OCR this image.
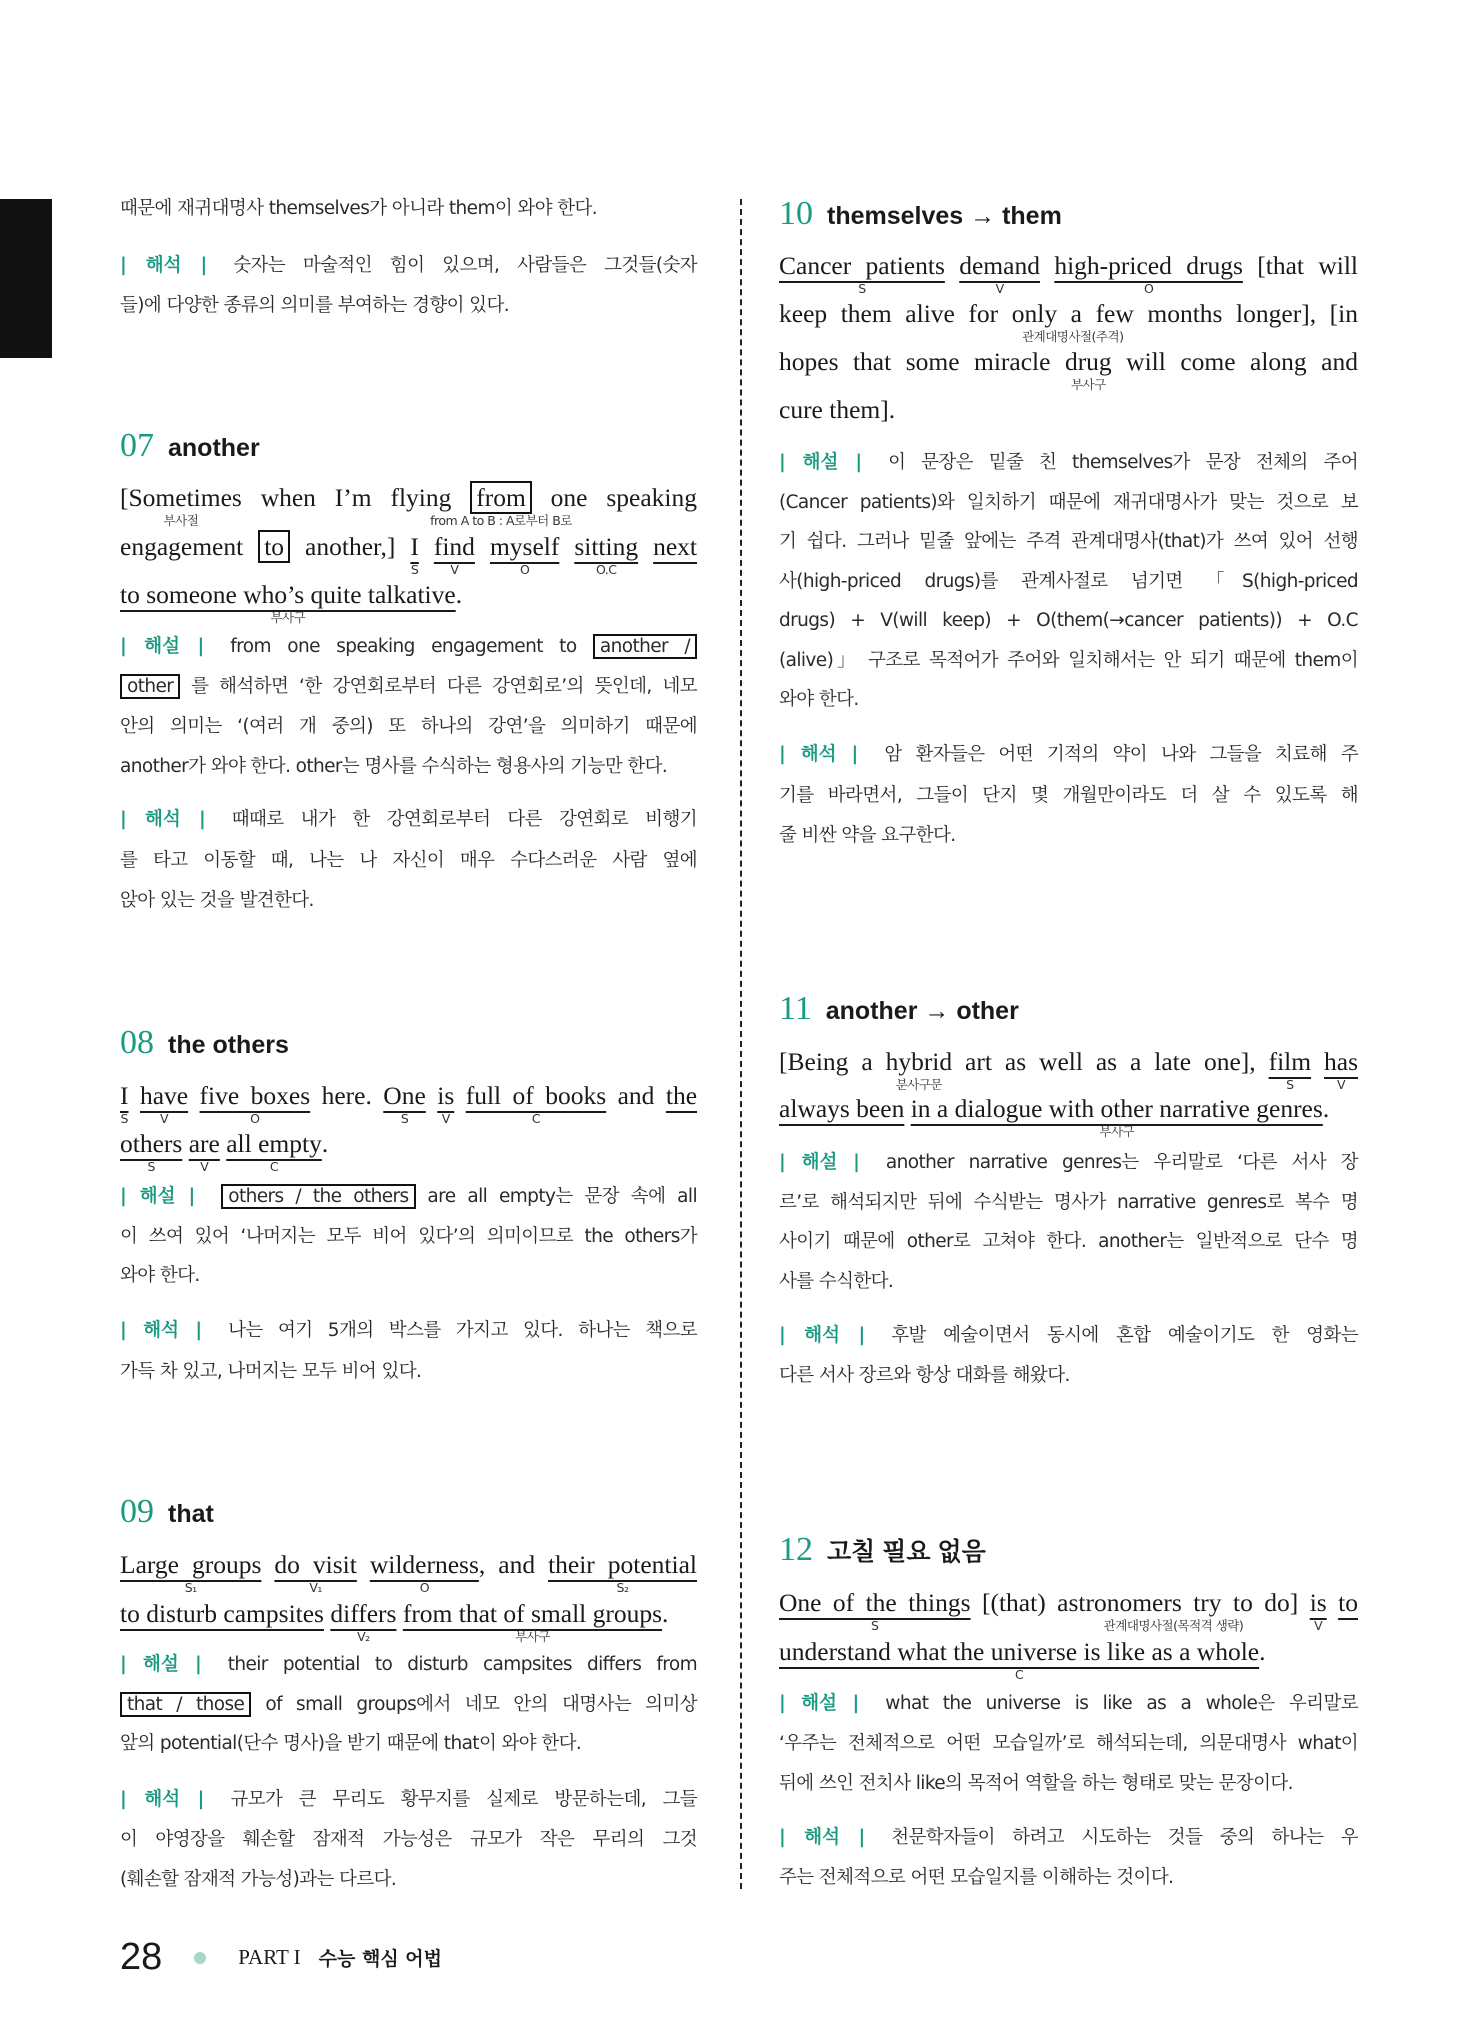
때문에 재귀대명사 themselves가 아니라 them이 와야 한다.
| 해석 | 숫자는 마술적인 힘이 있으며, 사람들은 그것들(숫자
들)에 다양한 종류의 의미를 부여하는 경향이 있다.
07 another
[Sometimes
부사절
when I’m flying from
from A to B : A로부터 B로
one speaking
engagement to another,] I
S
find
V
myself
O
sitting
O.C
next
to someone who’s quite talkative
부사구
.
| 해설 | from one speaking engagement to another /
other 를 해석하면 ‘한 강연회로부터 다른 강연회로’의 뜻인데, 네모
안의 의미는 ‘(여러 개 중의) 또 하나의 강연’을 의미하기 때문에
another가 와야 한다. other는 명사를 수식하는 형용사의 기능만 한다.
| 해석 | 때때로 내가 한 강연회로부터 다른 강연회로 비행기
를 타고 이동할 때, 나는 나 자신이 매우 수다스러운 사람 옆에
앉아 있는 것을 발견한다.
08 the others
I
S
have
V
five boxes
O
here. One
S
is
V
full of books
C
and the
others
S
are
V
all empty
C
.
| 해설 | others / the others are all empty는 문장 속에 all
이 쓰여 있어 ‘나머지는 모두 비어 있다’의 의미이므로 the others가
와야 한다.
| 해석 | 나는 여기 5개의 박스를 가지고 있다. 하나는 책으로
가득 차 있고, 나머지는 모두 비어 있다.
09 that
Large groups
S₁
do visit
V₁
wilderness
O
, and their potential
S₂
to disturb campsites differs
V₂
from that of small groups
부사구
.
| 해설 | their potential to disturb campsites differs from
that / those of small groups에서 네모 안의 대명사는 의미상
앞의 potential(단수 명사)을 받기 때문에 that이 와야 한다.
| 해석 | 규모가 큰 무리도 황무지를 실제로 방문하는데, 그들
이 야영장을 훼손할 잠재적 가능성은 규모가 작은 무리의 그것
(훼손할 잠재적 가능성)과는 다르다.
10 themselves → them
Cancer patients
S
demand
V
high-priced drugs
O
[that will
keep them alive for only a few
관계대명사절(주격)
months longer], [in
hopes that some miracle drug
부사구
will come along and
cure them].
| 해설 | 이 문장은 밑줄 친 themselves가 문장 전체의 주어
(Cancer patients)와 일치하기 때문에 재귀대명사가 맞는 것으로 보
기 쉽다. 그러나 밑줄 앞에는 주격 관계대명사(that)가 쓰여 있어 선행
사(high-priced drugs)를 관계사절로 넘기면 「S(high-priced
drugs) + V(will keep) + O(them(→cancer patients)) + O.C
(alive)」 구조로 목적어가 주어와 일치해서는 안 되기 때문에 them이
와야 한다.
| 해석 | 암 환자들은 어떤 기적의 약이 나와 그들을 치료해 주
기를 바라면서, 그들이 단지 몇 개월만이라도 더 살 수 있도록 해
줄 비싼 약을 요구한다.
11 another → other
[Being a hybrid
분사구문
art as well as a late one], film
S
has
V
always been in a dialogue with other narrative genres
부사구
.
| 해설 | another narrative genres는 우리말로 ‘다른 서사 장
르’로 해석되지만 뒤에 수식받는 명사가 narrative genres로 복수 명
사이기 때문에 other로 고쳐야 한다. another는 일반적으로 단수 명
사를 수식한다.
| 해석 | 후발 예술이면서 동시에 혼합 예술이기도 한 영화는
다른 서사 장르와 항상 대화를 해왔다.
12 고칠 필요 없음
One of the things
S
[(that) astronomers try to do
관계대명사절(목적격 생략)
] is
V
to
understand what the universe is like as a whole
C
.
| 해설 | what the universe is like as a whole은 우리말로
‘우주는 전체적으로 어떤 모습일까’로 해석되는데, 의문대명사 what이
뒤에 쓰인 전치사 like의 목적어 역할을 하는 형태로 맞는 문장이다.
| 해석 | 천문학자들이 하려고 시도하는 것들 중의 하나는 우
주는 전체적으로 어떤 모습일지를 이해하는 것이다.
28	PART I 수능 핵심 어법
